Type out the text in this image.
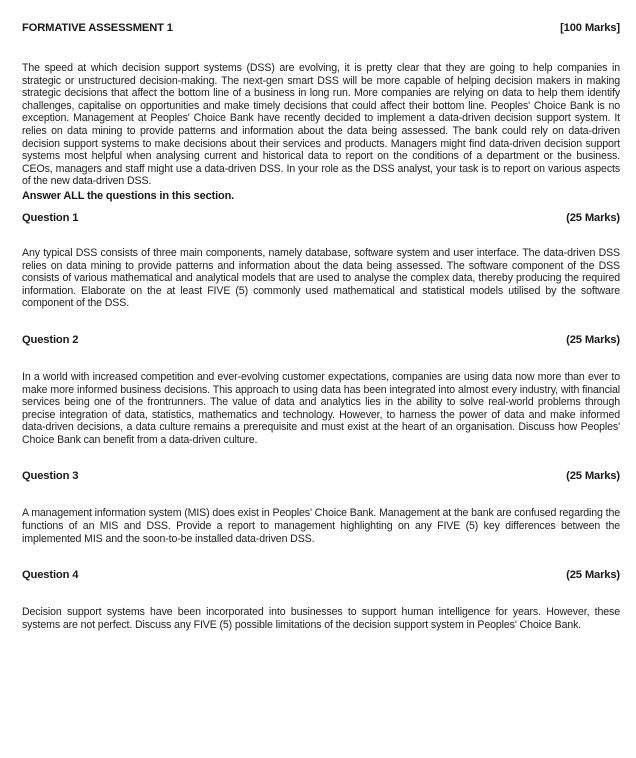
FORMATIVE ASSESSMENT 1	[100 Marks]

The speed at which decision support systems (DSS) are evolving, it is pretty clear that they are going to help companies in strategic or unstructured decision-making. The next-gen smart DSS will be more capable of helping decision makers in making strategic decisions that affect the bottom line of a business in long run. More companies are relying on data to help them identify challenges, capitalise on opportunities and make timely decisions that could affect their bottom line. Peoples' Choice Bank is no exception. Management at Peoples' Choice Bank have recently decided to implement a data-driven decision support system. It relies on data mining to provide patterns and information about the data being assessed. The bank could rely on data-driven decision support systems to make decisions about their services and products. Managers might find data-driven decision support systems most helpful when analysing current and historical data to report on the conditions of a department or the business. CEOs, managers and staff might use a data-driven DSS. In your role as the DSS analyst, your task is to report on various aspects of the new data-driven DSS.

Answer ALL the questions in this section.
Question 1	(25 Marks)

Any typical DSS consists of three main components, namely database, software system and user interface. The data-driven DSS relies on data mining to provide patterns and information about the data being assessed. The software component of the DSS consists of various mathematical and analytical models that are used to analyse the complex data, thereby producing the required information. Elaborate on the at least FIVE (5) commonly used mathematical and statistical models utilised by the software component of the DSS.

Question 2	(25 Marks)

In a world with increased competition and ever-evolving customer expectations, companies are using data now more than ever to make more informed business decisions. This approach to using data has been integrated into almost every industry, with financial services being one of the frontrunners. The value of data and analytics lies in the ability to solve real-world problems through precise integration of data, statistics, mathematics and technology. However, to harness the power of data and make informed data-driven decisions, a data culture remains a prerequisite and must exist at the heart of an organisation. Discuss how Peoples' Choice Bank can benefit from a data-driven culture.

Question 3	(25 Marks)

A management information system (MIS) does exist in Peoples' Choice Bank. Management at the bank are confused regarding the functions of an MIS and DSS. Provide a report to management highlighting on any FIVE (5) key differences between the implemented MIS and the soon-to-be installed data-driven DSS.

Question 4	(25 Marks)

Decision support systems have been incorporated into businesses to support human intelligence for years. However, these systems are not perfect. Discuss any FIVE (5) possible limitations of the decision support system in Peoples' Choice Bank.
